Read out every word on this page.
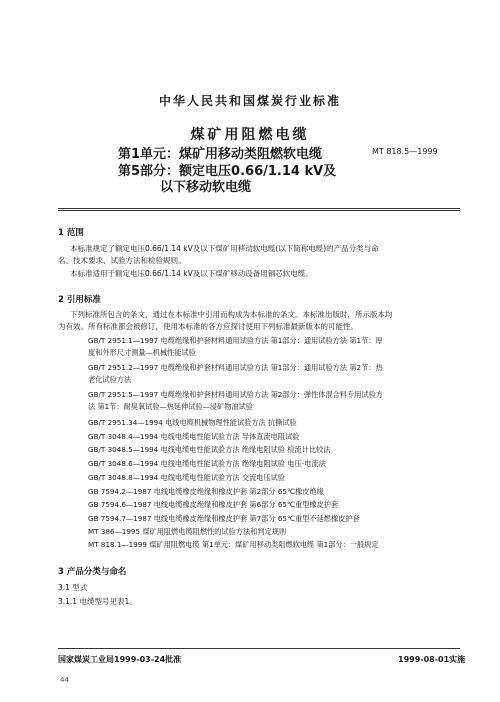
中华人民共和国煤炭行业标准
煤矿用阻燃电缆
第1单元：煤矿用移动类阻燃软电缆	MT 818.5—1999
第5部分：额定电压0.66/1.14 kV及
以下移动软电缆
1 范围
本标准规定了额定电压0.66/1.14 kV及以下煤矿用移动软电缆(以下简称电缆)的产品分类与命
名、技术要求、试验方法和检验规则。
本标准适用于额定电压0.66/1.14 kV及以下煤矿移动设备用铜芯软电缆。
2 引用标准
下列标准所包含的条文，通过在本标准中引用而构成为本标准的条文。本标准出版时，所示版本均
为有效。所有标准都会被修订，使用本标准的各方应探讨使用下列标准最新版本的可能性。
GB/T 2951.1—1997 电缆绝缘和护套材料通用试验方法 第1部分：通用试验方法 第1节：厚
度和外形尺寸测量—机械性能试验
GB/T 2951.2—1997 电缆绝缘和护套材料通用试验方法 第1部分：通用试验方法 第2节：热
老化试验方法
GB/T 2951.5—1997 电缆绝缘和护套材料通用试验方法 第2部分：弹性体混合料专用试验方
法 第1节：耐臭氧试验—热延伸试验—浸矿物油试验
GB/T 2951.34—1994 电线电缆机械物理性能试验方法 抗撕试验
GB/T 3048.4—1994 电线电缆电性能试验方法 导体直流电阻试验
GB/T 3048.5—1994 电线电缆电性能试验方法 绝缘电阻试验 检流计比较法
GB/T 3048.6—1994 电线电缆电性能试验方法 绝缘电阻试验 电压-电流法
GB/T 3048.8—1994 电线电缆电性能试验方法 交流电压试验
GB 7594.2—1987 电线电缆橡皮绝缘和橡皮护套 第2部分 65℃橡皮绝缘
GB 7594.6—1987 电线电缆橡皮绝缘和橡皮护套 第6部分 65℃重型橡皮护套
GB 7594.7—1987 电线电缆橡皮绝缘和橡皮护套 第7部分 65℃重型不延燃橡皮护套
MT 386—1995 煤矿用阻燃电缆阻燃性的试验方法和判定规则
MT 818.1—1999 煤矿用阻燃电缆 第1单元：煤矿用移动类阻燃软电缆 第1部分：一般规定
3 产品分类与命名
3.1 型式
3.1.1 电缆型号见表1。
国家煤炭工业局1999-03-24批准	1999-08-01实施
44
